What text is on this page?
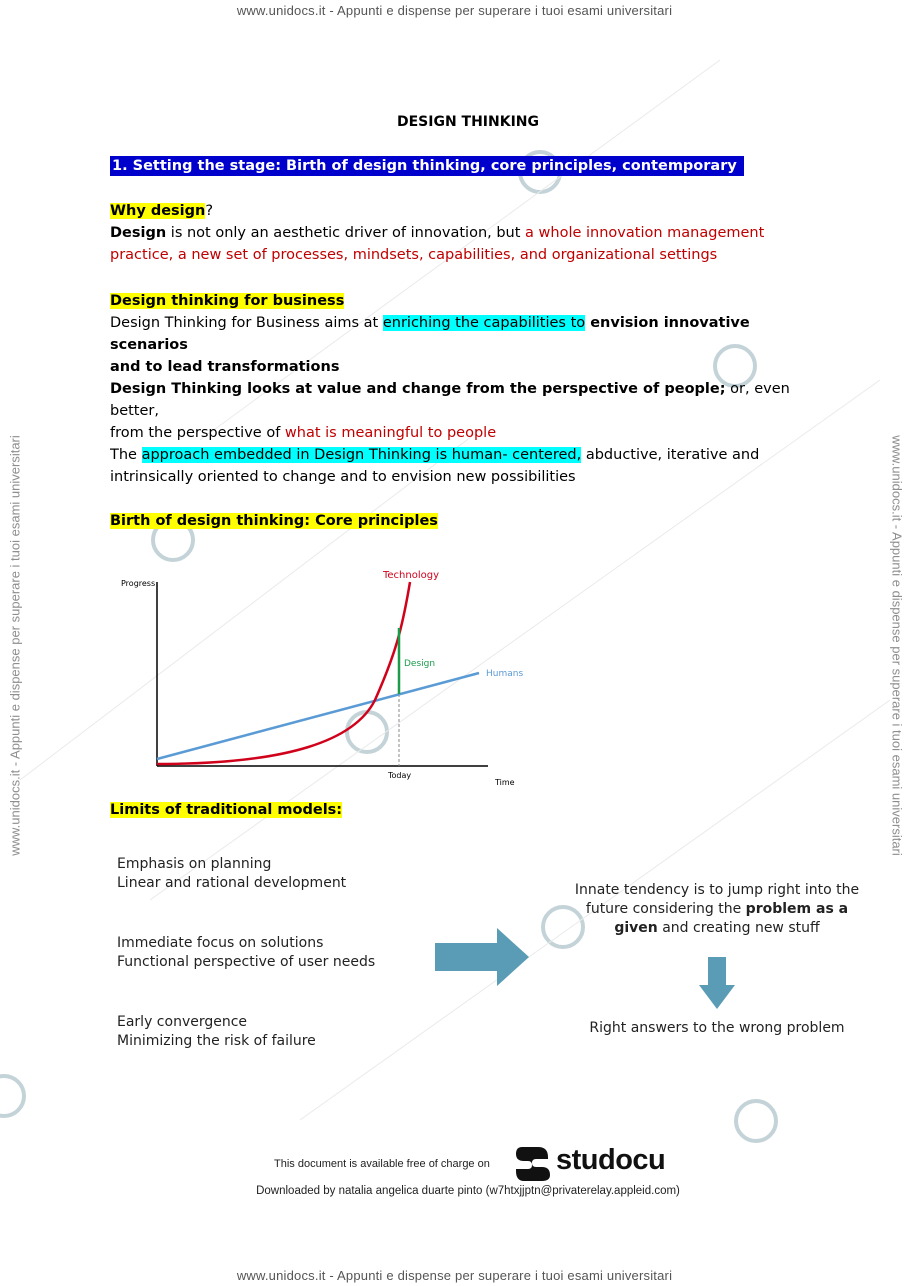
www.unidocs.it - Appunti e dispense per superare i tuoi esami universitari
www.unidocs.it - Appunti e dispense per superare i tuoi esami universitari
www.unidocs.it - Appunti e dispense per superare i tuoi esami universitari	www.unidocs.it - Appunti e dispense per superare i tuoi esami universitari
DESIGN THINKING
1. Setting the stage: Birth of design thinking, core principles, contemporary debate
Why design?
Design is not only an aesthetic driver of innovation, but a whole innovation management
practice, a new set of processes, mindsets, capabilities, and organizational settings
Design thinking for business
Design Thinking for Business aims at enriching the capabilities to envision innovative scenarios
and to lead transformations
Design Thinking looks at value and change from the perspective of people; or, even better,
from the perspective of what is meaningful to people
The approach embedded in Design Thinking is human- centered, abductive, iterative and
intrinsically oriented to change and to envision new possibilities
Birth of design thinking: Core principles
Progress
Time
Today
Technology
Humans
Design
Limits of traditional models:
Emphasis on planning
Linear and rational development
Immediate focus on solutions
Functional perspective of user needs
Early convergence
Minimizing the risk of failure
Innate tendency is to jump right into the
future considering the problem as a
given and creating new stuff
Right answers to the wrong problem
This document is available free of charge on studocu
Downloaded by natalia angelica duarte pinto (w7htxjjptn@privaterelay.appleid.com)
